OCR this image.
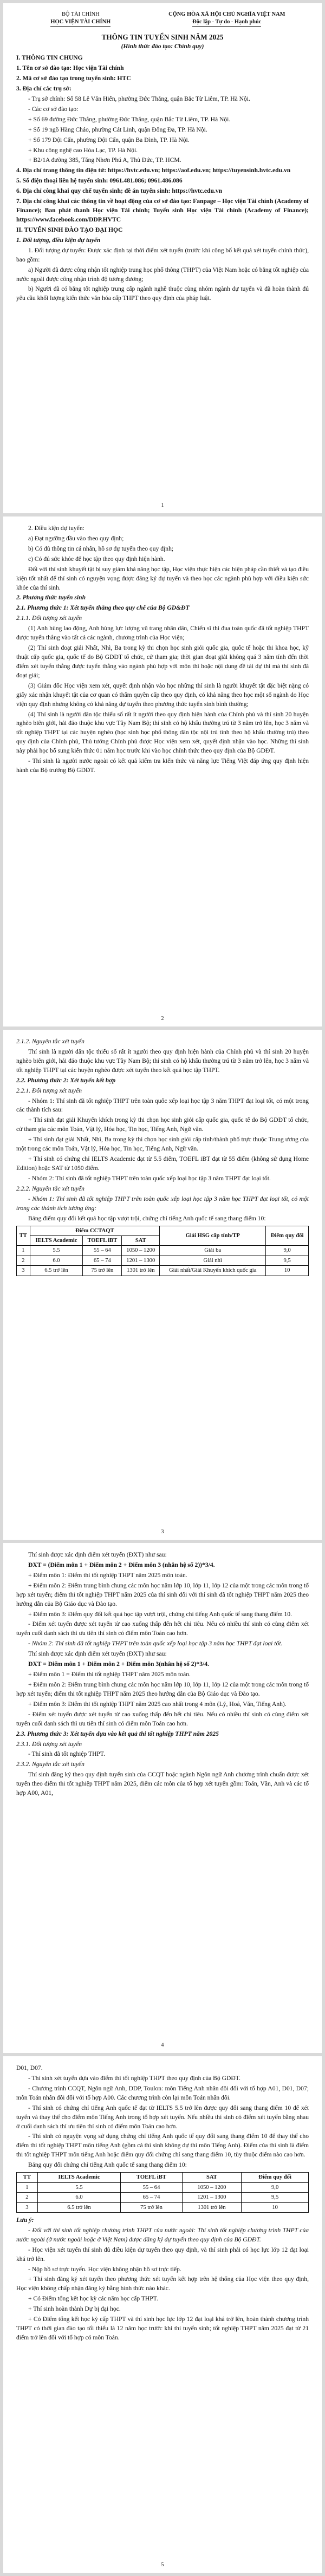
BỘ TÀI CHÍNH
HỌC VIỆN TÀI CHÍNH
CỘNG HÒA XÃ HỘI CHỦ NGHĨA VIỆT NAM
Độc lập - Tự do - Hạnh phúc
THÔNG TIN TUYỂN SINH NĂM 2025
(Hình thức đào tạo: Chính quy)

I. THÔNG TIN CHUNG

1. Tên cơ sở đào tạo: Học viện Tài chính

2. Mã cơ sở đào tạo trong tuyển sinh: HTC

3. Địa chỉ các trụ sở:

- Trụ sở chính: Số 58 Lê Văn Hiến, phường Đức Thắng, quận Bắc Từ Liêm, TP. Hà Nội.

- Các cơ sở đào tạo:

+ Số 69 đường Đức Thắng, phường Đức Thắng, quận Bắc Từ Liêm, TP. Hà Nội.

+ Số 19 ngõ Hàng Cháo, phường Cát Linh, quận Đống Đa, TP. Hà Nội.

+ Số 179 Đội Cấn, phường Đội Cấn, quận Ba Đình, TP. Hà Nội.

+ Khu công nghệ cao Hòa Lạc, TP. Hà Nội.

+ B2/1A đường 385, Tăng Nhơn Phú A, Thủ Đức, TP. HCM.

4. Địa chỉ trang thông tin điện tử: https://hvtc.edu.vn; https://aof.edu.vn; https://tuyensinh.hvtc.edu.vn

5. Số điện thoại liên hệ tuyển sinh: 0961.481.086; 0961.486.086

6. Địa chỉ công khai quy chế tuyển sinh; đề án tuyển sinh: https://hvtc.edu.vn

7. Địa chỉ công khai các thông tin về hoạt động của cơ sở đào tạo: Fanpage – Học viện Tài chính (Academy of Finance); Ban phát thanh Học viện Tài chính; Tuyển sinh Học viện Tài chính (Academy of Finance); https://www.facebook.com/DDP.HVTC

II. TUYỂN SINH ĐÀO TẠO ĐẠI HỌC

1. Đối tượng, điều kiện dự tuyển

1. Đối tượng dự tuyển: Được xác định tại thời điểm xét tuyển (trước khi công bố kết quả xét tuyển chính thức), bao gồm:

a) Người đã được công nhận tốt nghiệp trung học phổ thông (THPT) của Việt Nam hoặc có bằng tốt nghiệp của nước ngoài được công nhận trình độ tương đương;

b) Người đã có bằng tốt nghiệp trung cấp ngành nghề thuộc cùng nhóm ngành dự tuyển và đã hoàn thành đủ yêu cầu khối lượng kiến thức văn hóa cấp THPT theo quy định của pháp luật.

1

2. Điều kiện dự tuyển:

a) Đạt ngưỡng đầu vào theo quy định;

b) Có đủ thông tin cá nhân, hồ sơ dự tuyển theo quy định;

c) Có đủ sức khỏe để học tập theo quy định hiện hành.

Đối với thí sinh khuyết tật bị suy giảm khả năng học tập, Học viện thực hiện các biện pháp cần thiết và tạo điều kiện tốt nhất để thí sinh có nguyện vọng được đăng ký dự tuyển và theo học các ngành phù hợp với điều kiện sức khỏe của thí sinh.

2. Phương thức tuyển sinh

2.1. Phương thức 1: Xét tuyển thẳng theo quy chế của Bộ GD&ĐT

2.1.1. Đối tượng xét tuyển

(1) Anh hùng lao động, Anh hùng lực lượng vũ trang nhân dân, Chiến sĩ thi đua toàn quốc đã tốt nghiệp THPT được tuyển thẳng vào tất cả các ngành, chương trình của Học viện;

(2) Thí sinh đoạt giải Nhất, Nhì, Ba trong kỳ thi chọn học sinh giỏi quốc gia, quốc tế hoặc thi khoa học, kỹ thuật cấp quốc gia, quốc tế do Bộ GDĐT tổ chức, cử tham gia; thời gian đoạt giải không quá 3 năm tính đến thời điểm xét tuyển thẳng được tuyển thẳng vào ngành phù hợp với môn thi hoặc nội dung đề tài dự thi mà thí sinh đã đoạt giải;

(3) Giám đốc Học viện xem xét, quyết định nhận vào học những thí sinh là người khuyết tật đặc biệt nặng có giấy xác nhận khuyết tật của cơ quan có thẩm quyền cấp theo quy định, có khả năng theo học một số ngành do Học viện quy định nhưng không có khả năng dự tuyển theo phương thức tuyển sinh bình thường;

(4) Thí sinh là người dân tộc thiểu số rất ít người theo quy định hiện hành của Chính phủ và thí sinh 20 huyện nghèo biên giới, hải đảo thuộc khu vực Tây Nam Bộ; thí sinh có hộ khẩu thường trú từ 3 năm trở lên, học 3 năm và tốt nghiệp THPT tại các huyện nghèo (học sinh học phổ thông dân tộc nội trú tính theo hộ khẩu thường trú) theo quy định của Chính phủ, Thủ tướng Chính phủ được Học viện xem xét, quyết định nhận vào học. Những thí sinh này phải học bổ sung kiến thức 01 năm học trước khi vào học chính thức theo quy định của Bộ GDĐT.

- Thí sinh là người nước ngoài có kết quả kiểm tra kiến thức và năng lực Tiếng Việt đáp ứng quy định hiện hành của Bộ trưởng Bộ GDĐT.

2

2.1.2. Nguyên tắc xét tuyển

Thí sinh là người dân tộc thiểu số rất ít người theo quy định hiện hành của Chính phủ và thí sinh 20 huyện nghèo biên giới, hải đảo thuộc khu vực Tây Nam Bộ; thí sinh có hộ khẩu thường trú từ 3 năm trở lên, học 3 năm và tốt nghiệp THPT tại các huyện nghèo được xét tuyển theo kết quả học tập THPT.

2.2. Phương thức 2: Xét tuyển kết hợp

2.2.1. Đối tượng xét tuyển

- Nhóm 1: Thí sinh đã tốt nghiệp THPT trên toàn quốc xếp loại học tập 3 năm THPT đạt loại tốt, có một trong các thành tích sau:

+ Thí sinh đạt giải Khuyến khích trong kỳ thi chọn học sinh giỏi cấp quốc gia, quốc tế do Bộ GDĐT tổ chức, cử tham gia các môn Toán, Vật lý, Hóa học, Tin học, Tiếng Anh, Ngữ văn.

+ Thí sinh đạt giải Nhất, Nhì, Ba trong kỳ thi chọn học sinh giỏi cấp tỉnh/thành phố trực thuộc Trung ương của một trong các môn Toán, Vật lý, Hóa học, Tin học, Tiếng Anh, Ngữ văn.

+ Thí sinh có chứng chỉ IELTS Academic đạt từ 5.5 điểm, TOEFL iBT đạt từ 55 điểm (không sử dụng Home Edition) hoặc SAT từ 1050 điểm.

- Nhóm 2: Thí sinh đã tốt nghiệp THPT trên toàn quốc xếp loại học tập 3 năm THPT đạt loại tốt.

2.2.2. Nguyên tắc xét tuyển

- Nhóm 1: Thí sinh đã tốt nghiệp THPT trên toàn quốc xếp loại học tập 3 năm học THPT đạt loại tốt, có một trong các thành tích tương ứng:

Bảng điểm quy đổi kết quả học tập vượt trội, chứng chỉ tiếng Anh quốc tế sang thang điểm 10:

TT	Điểm CCTAQT			Giải HSG cấp tỉnh/TP	Điểm quy đổi
	IELTS Academic	TOEFL iBT	SAT		
1	5.5	55 – 64	1050 – 1200	Giải ba	9,0
2	6.0	65 – 74	1201 – 1300	Giải nhì	9,5
3	6.5 trở lên	75 trở lên	1301 trở lên	Giải nhất/Giải Khuyến khích quốc gia	10
3

Thí sinh được xác định điểm xét tuyển (ĐXT) như sau:

ĐXT = (Điểm môn 1 + Điểm môn 2 + Điểm môn 3 (nhân hệ số 2))*3/4.

+ Điểm môn 1: Điểm thi tốt nghiệp THPT năm 2025 môn toán.

+ Điểm môn 2: Điểm trung bình chung các môn học năm lớp 10, lớp 11, lớp 12 của một trong các môn trong tổ hợp xét tuyển; điểm thi tốt nghiệp THPT năm 2025 của thí sinh đối với thí sinh đã tốt nghiệp THPT năm 2025 theo hướng dẫn của Bộ Giáo dục và Đào tạo.

+ Điểm môn 3: Điểm quy đổi kết quả học tập vượt trội, chứng chỉ tiếng Anh quốc tế sang thang điểm 10.

- Điểm xét tuyển được xét tuyển từ cao xuống thấp đến hết chỉ tiêu. Nếu có nhiều thí sinh có cùng điểm xét tuyển cuối danh sách thì ưu tiên thí sinh có điểm môn Toán cao hơn.

- Nhóm 2: Thí sinh đã tốt nghiệp THPT trên toàn quốc xếp loại học tập 3 năm học THPT đạt loại tốt.

Thí sinh được xác định điểm xét tuyển (ĐXT) như sau:

ĐXT = Điểm môn 1 + Điểm môn 2 + Điểm môn 3(nhân hệ số 2)*3/4.

+ Điểm môn 1 = Điểm thi tốt nghiệp THPT năm 2025 môn toán.

+ Điểm môn 2: Điểm trung bình chung các môn học năm lớp 10, lớp 11, lớp 12 của một trong các môn trong tổ hợp xét tuyển; điểm thi tốt nghiệp THPT năm 2025 theo hướng dẫn của Bộ Giáo dục và Đào tạo.

+ Điểm môn 3: Điểm thi tốt nghiệp THPT năm 2025 cao nhất trong 4 môn (Lý, Hoá, Văn, Tiếng Anh).

- Điểm xét tuyển được xét tuyển từ cao xuống thấp đến hết chỉ tiêu. Nếu có nhiều thí sinh có cùng điểm xét tuyển cuối danh sách thì ưu tiên thí sinh có điểm môn Toán cao hơn.

2.3. Phương thức 3: Xét tuyển dựa vào kết quả thi tốt nghiệp THPT năm 2025

2.3.1. Đối tượng xét tuyển

- Thí sinh đã tốt nghiệp THPT.

2.3.2. Nguyên tắc xét tuyển

Thí sinh đăng ký theo quy định tuyển sinh của CCQT hoặc ngành Ngôn ngữ Anh chương trình chuẩn được xét tuyển theo điểm thi tốt nghiệp THPT năm 2025, điểm các môn của tổ hợp xét tuyển gồm: Toán, Văn, Anh và các tổ hợp A00, A01,

4

D01, D07.

- Thí sinh xét tuyển dựa vào điểm thi tốt nghiệp THPT theo quy định của Bộ GDĐT.

- Chương trình CCQT, Ngôn ngữ Anh, DDP, Toulon: môn Tiếng Anh nhân đôi đối với tổ hợp A01, D01, D07; môn Toán nhân đôi đối với tổ hợp A00. Các chương trình còn lại môn Toán nhân đôi.

- Thí sinh có chứng chỉ tiếng Anh quốc tế đạt từ IELTS 5.5 trở lên được quy đổi sang thang điểm 10 để xét tuyển và thay thế cho điểm môn Tiếng Anh trong tổ hợp xét tuyển. Nếu nhiều thí sinh có điểm xét tuyển bằng nhau ở cuối danh sách thì ưu tiên thí sinh có điểm môn Toán cao hơn.

- Thí sinh có nguyện vọng sử dụng chứng chỉ tiếng Anh quốc tế quy đổi sang thang điểm 10 để thay thế cho điểm thi tốt nghiệp THPT môn tiếng Anh (gồm cả thí sinh không dự thi môn Tiếng Anh). Điểm của thí sinh là điểm thi tốt nghiệp THPT môn tiếng Anh hoặc điểm quy đổi chứng chỉ sang thang điểm 10, tùy thuộc điểm nào cao hơn.

Bảng quy đổi chứng chỉ tiếng Anh quốc tế sang thang điểm 10:

TT	IELTS Academic	TOEFL iBT	SAT	Điểm quy đổi
1	5.5	55 – 64	1050 – 1200	9,0
2	6.0	65 – 74	1201 – 1300	9,5
3	6.5 trở lên	75 trở lên	1301 trở lên	10

Lưu ý:

- Đối với thí sinh tốt nghiệp chương trình THPT của nước ngoài: Thí sinh tốt nghiệp chương trình THPT của nước ngoài (ở nước ngoài hoặc ở Việt Nam) được đăng ký dự tuyển theo quy định của Bộ GDĐT.

- Học viện xét tuyển thí sinh đủ điều kiện dự tuyển theo quy định, và thí sinh phải có học lực lớp 12 đạt loại khá trở lên.

- Nộp hồ sơ trực tuyến. Học viện không nhận hồ sơ trực tiếp.

+ Thí sinh đăng ký xét tuyển theo phương thức xét tuyển kết hợp trên hệ thống của Học viện theo quy định, Học viện không chấp nhận đăng ký bằng hình thức nào khác.

+ Có Điểm tổng kết học kỳ các năm học cấp THPT.

+ Thí sinh hoàn thành Dự bị đại học.

+ Có Điểm tổng kết học kỳ cấp THPT và thí sinh học lực lớp 12 đạt loại khá trở lên, hoàn thành chương trình THPT có thời gian đào tạo tối thiểu là 12 năm học trước khi thi tuyển sinh; tốt nghiệp THPT năm 2025 đạt từ 21 điểm trở lên đối với tổ hợp có môn Toán.

5
